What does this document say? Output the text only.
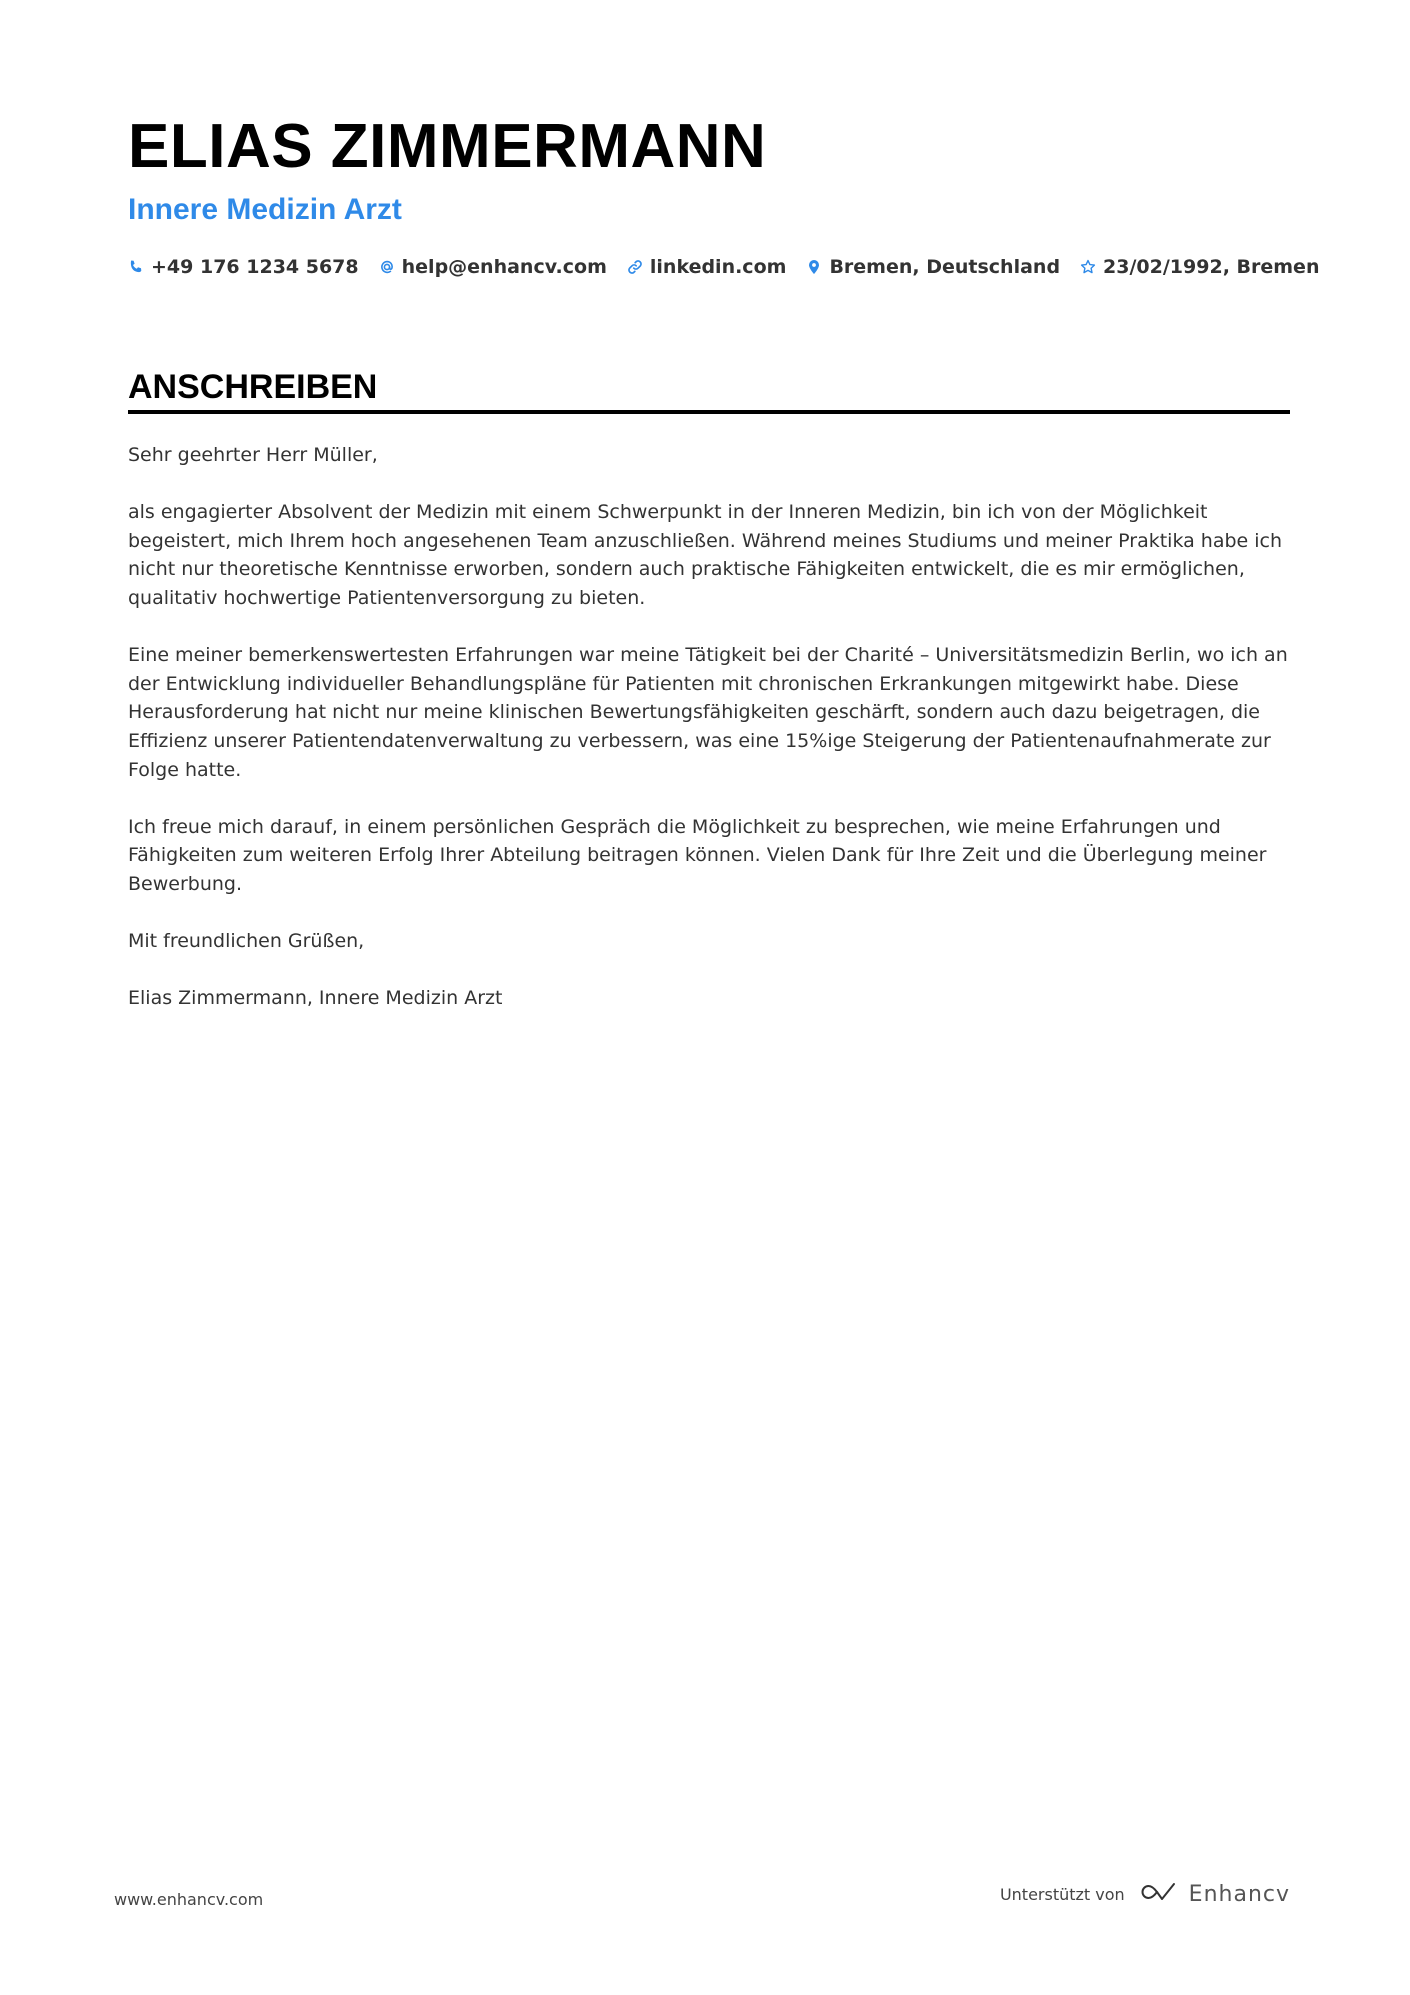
ELIAS ZIMMERMANN
Innere Medizin Arzt
+49 176 1234 5678 help@enhancv.com linkedin.com Bremen, Deutschland 23/02/1992, Bremen
ANSCHREIBEN

Sehr geehrter Herr Müller,

als engagierter Absolvent der Medizin mit einem Schwerpunkt in der Inneren Medizin, bin ich von der Möglichkeit begeistert, mich Ihrem hoch angesehenen Team anzuschließen. Während meines Studiums und meiner Praktika habe ich nicht nur theoretische Kenntnisse erworben, sondern auch praktische Fähigkeiten entwickelt, die es mir ermöglichen, qualitativ hochwertige Patientenversorgung zu bieten.

Eine meiner bemerkenswertesten Erfahrungen war meine Tätigkeit bei der Charité – Universitätsmedizin Berlin, wo ich an der Entwicklung individueller Behandlungspläne für Patienten mit chronischen Erkrankungen mitgewirkt habe. Diese Herausforderung hat nicht nur meine klinischen Bewertungsfähigkeiten geschärft, sondern auch dazu beigetragen, die Effizienz unserer Patientendatenverwaltung zu verbessern, was eine 15%ige Steigerung der Patientenaufnahmerate zur Folge hatte.

Ich freue mich darauf, in einem persönlichen Gespräch die Möglichkeit zu besprechen, wie meine Erfahrungen und Fähigkeiten zum weiteren Erfolg Ihrer Abteilung beitragen können. Vielen Dank für Ihre Zeit und die Überlegung meiner Bewerbung.

Mit freundlichen Grüßen,

Elias Zimmermann, Innere Medizin Arzt

www.enhancv.com	Unterstützt von	Enhancv
